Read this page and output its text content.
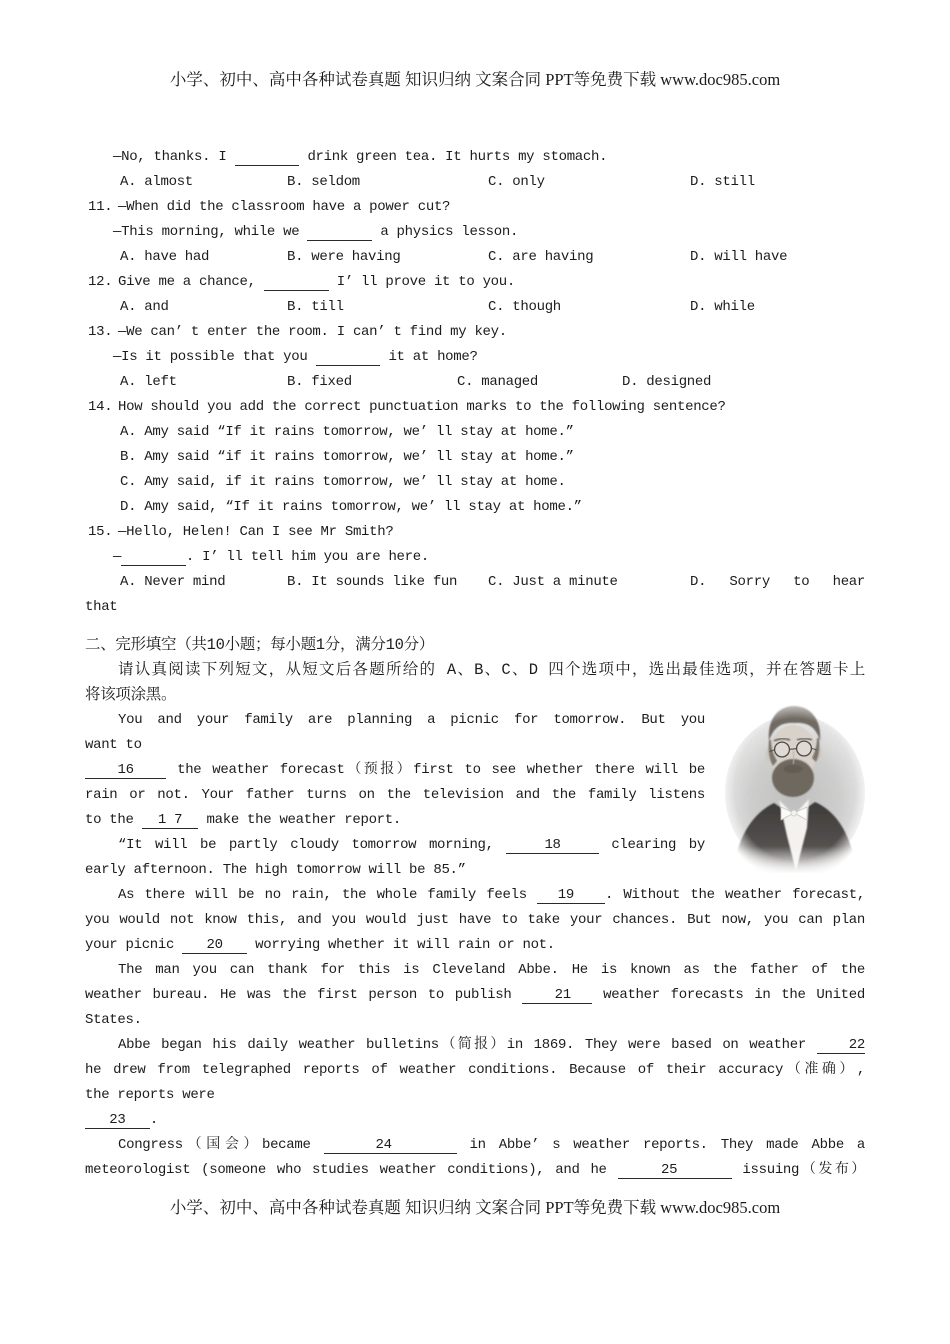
小学、初中、高中各种试卷真题 知识归纳 文案合同 PPT等免费下载 www.doc985.com
—No, thanks. I	drink green tea. It hurts my stomach.
A. almost	B. seldom	C. only	D. still
11. —When did the classroom have a power cut?
—This morning, while we	a physics lesson.
A. have had	B. were having	C. are having	D. will have
12. Give me a chance,	I’ ll prove it to you.
A. and	B. till	C. though	D. while
13. —We can’ t enter the room. I can’ t find my key.
—Is it possible that you	it at home?
A. left	B. fixed	C. managed	D. designed
14. How should you add the correct punctuation marks to the following sentence?
A. Amy said “If it rains tomorrow, we’ ll stay at home.”
B. Amy said “if it rains tomorrow, we’ ll stay at home.”
C. Amy said, if it rains tomorrow, we’ ll stay at home.
D. Amy said, “If it rains tomorrow, we’ ll stay at home.”
15. —Hello, Helen! Can I see Mr Smith?
—	. I’ ll tell him you are here.
A. Never mind	B. It sounds like fun C. Just a minute	D. Sorry to hear
that
二、完形填空（共10小题；每小题1分，满分10分）
请认真阅读下列短文，从短文后各题所给的 A、B、C、D 四个选项中，选出最佳选项，并在答题卡上
将该项涂黑。
You and your family are planning a picnic for tomorrow. But you
want to
16    the weather forecast（预报）first to see whether there will be
rain or not. Your father turns on the television and the family listens
to the   1 7   make the weather report.
“It will be partly cloudy tomorrow morning,    18    clearing by
early afternoon. The high tomorrow will be 85.”
As there will be no rain, the whole family feels   19   . Without the weather forecast,
you would not know this, and you would just have to take your chances. But now, you can plan
your picnic    20    worrying whether it will rain or not.
The man you can thank for this is Cleveland Abbe. He is known as the father of the
weather bureau. He was the first person to publish    21   weather forecasts in the United
States.
Abbe began his daily weather bulletins（简报）in 1869. They were based on weather    22
he drew from telegraphed reports of weather conditions. Because of their accuracy（准确）,
the reports were
23   .
Congress（国会）became     24      in Abbe’ s weather reports. They made Abbe a
meteorologist (someone who studies weather conditions), and he     25      issuing（发布）
小学、初中、高中各种试卷真题 知识归纳 文案合同 PPT等免费下载 www.doc985.com
